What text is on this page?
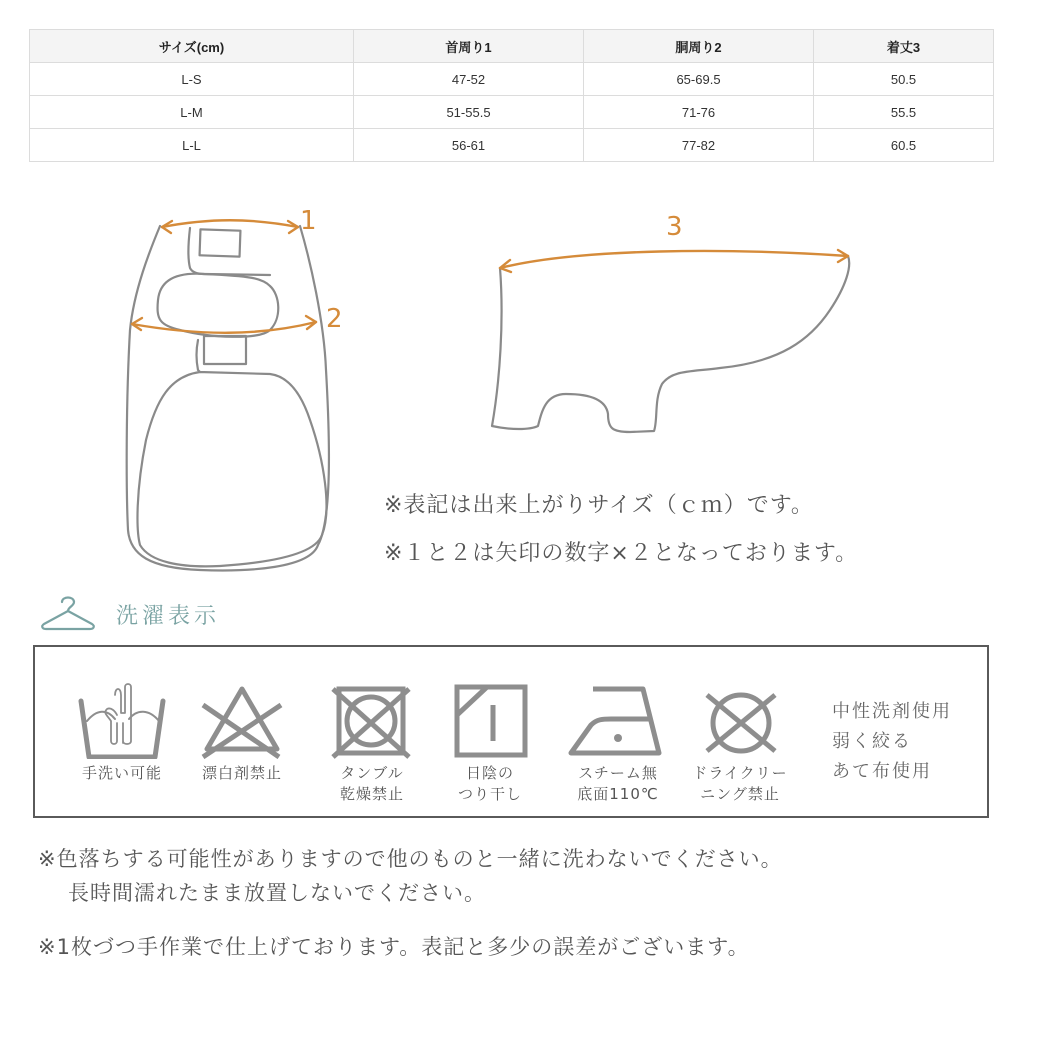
サイズ(cm)	首周り1	胴周り2	着丈3
L-S	47-52	65-69.5	50.5
L-M	51-55.5	71-76	55.5
L-L	56-61	77-82	60.5
1
2
3
※表記は出来上がりサイズ（ｃｍ）です。
※１と２は矢印の数字×２となっております。
洗濯表示
手洗い可能	漂白剤禁止	タンブル
乾燥禁止
日陰の
つり干し
スチーム無
底面110℃
ドライクリー
ニング禁止
中性洗剤使用
弱く絞る
あて布使用
※色落ちする可能性がありますので他のものと一緒に洗わないでください。
長時間濡れたまま放置しないでください。
※1枚づつ手作業で仕上げております。表記と多少の誤差がございます。
